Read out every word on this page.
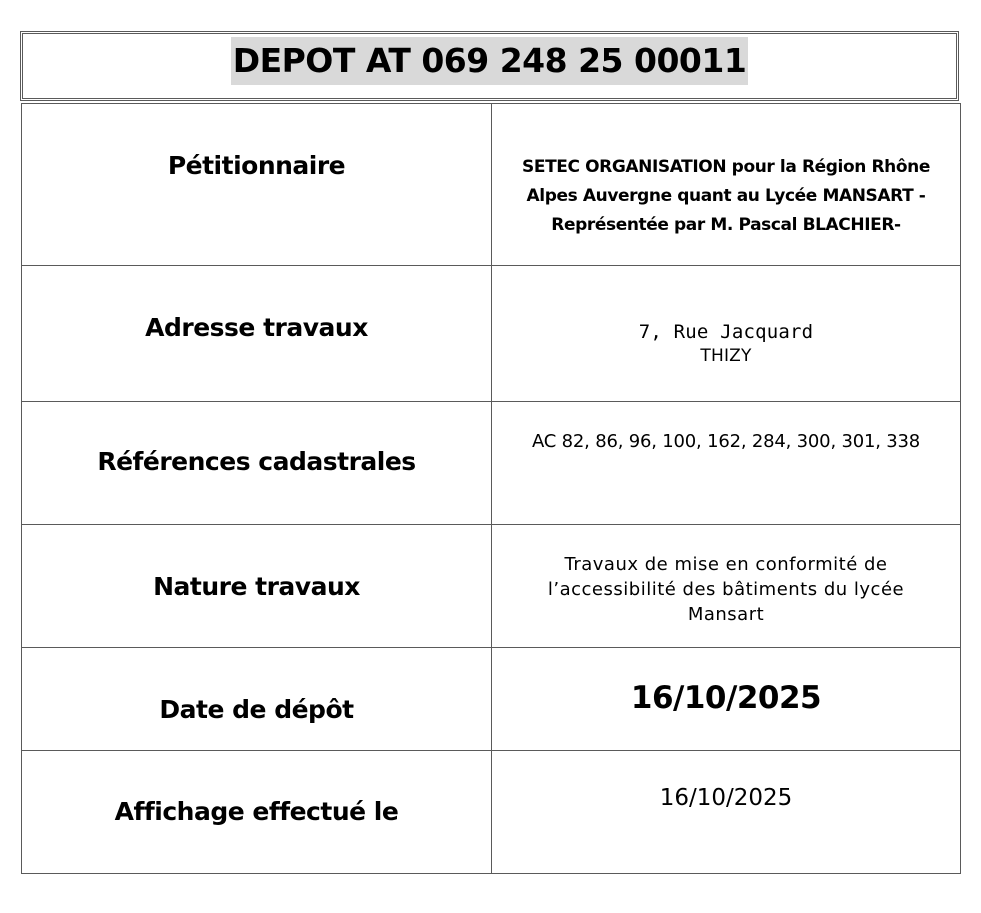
DEPOT AT 069 248 25 00011
Pétitionnaire	SETEC ORGANISATION pour la Région Rhône
Alpes Auvergne quant au Lycée MANSART -
Représentée par M. Pascal BLACHIER-

Adresse travaux	7, Rue Jacquard
THIZY

Références cadastrales	AC 82, 86, 96, 100, 162, 284, 300, 301, 338

Nature travaux	Travaux de mise en conformité de
l’accessibilité des bâtiments du lycée
Mansart

Date de dépôt	16/10/2025

Affichage effectué le	16/10/2025
